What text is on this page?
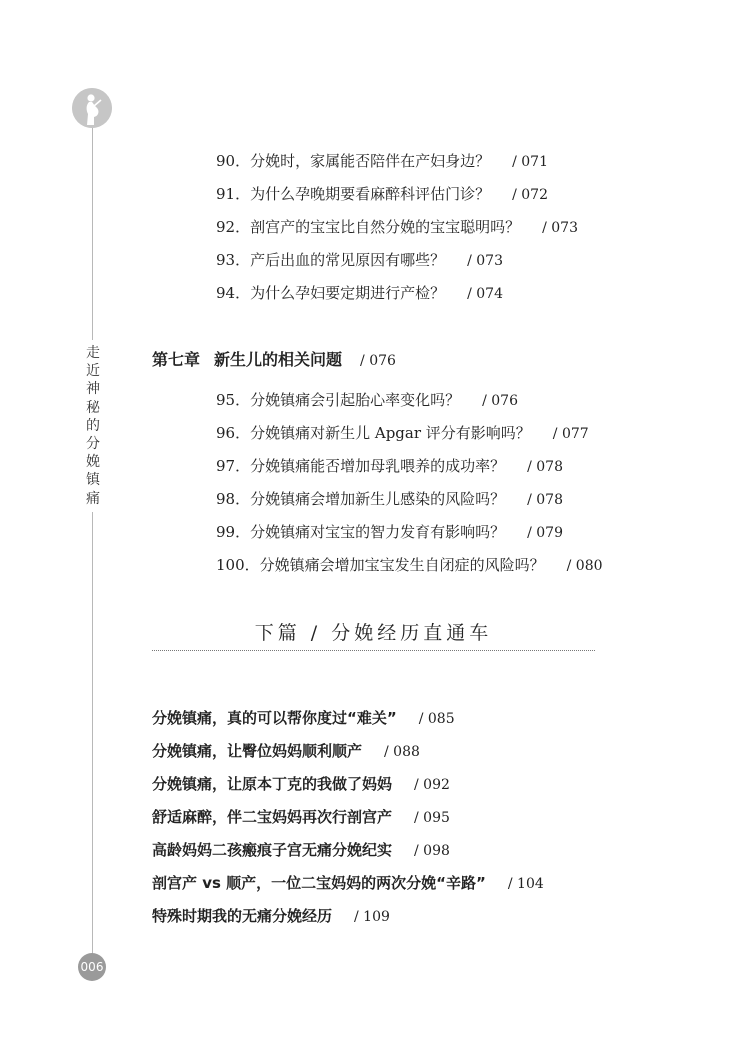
走近神秘的分娩镇痛
90．分娩时，家属能否陪伴在产妇身边？ / 071
91．为什么孕晚期要看麻醉科评估门诊？ / 072
92．剖宫产的宝宝比自然分娩的宝宝聪明吗？ / 073
93．产后出血的常见原因有哪些？ / 073
94．为什么孕妇要定期进行产检？ / 074
第七章 新生儿的相关问题 / 076
95．分娩镇痛会引起胎心率变化吗？ / 076
96．分娩镇痛对新生儿 Apgar 评分有影响吗？ / 077
97．分娩镇痛能否增加母乳喂养的成功率？ / 078
98．分娩镇痛会增加新生儿感染的风险吗？ / 078
99．分娩镇痛对宝宝的智力发育有影响吗？ / 079
100．分娩镇痛会增加宝宝发生自闭症的风险吗？ / 080
下篇 / 分娩经历直通车
分娩镇痛，真的可以帮你度过“难关” / 085
分娩镇痛，让臀位妈妈顺利顺产 / 088
分娩镇痛，让原本丁克的我做了妈妈 / 092
舒适麻醉，伴二宝妈妈再次行剖宫产 / 095
高龄妈妈二孩瘢痕子宫无痛分娩纪实 / 098
剖宫产 vs 顺产，一位二宝妈妈的两次分娩“辛路” / 104
特殊时期我的无痛分娩经历 / 109
006
